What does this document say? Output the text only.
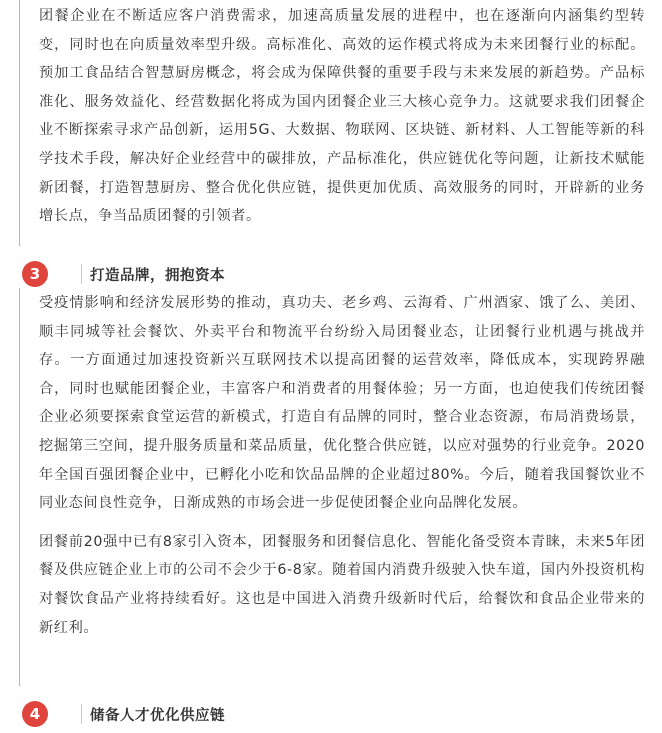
团餐企业在不断适应客户消费需求，加速高质量发展的进程中，也在逐渐向内涵集约型转变，同时也在向质量效率型升级。高标准化、高效的运作模式将成为未来团餐行业的标配。预加工食品结合智慧厨房概念，将会成为保障供餐的重要手段与未来发展的新趋势。产品标准化、服务效益化、经营数据化将成为国内团餐企业三大核心竞争力。这就要求我们团餐企业不断探索寻求产品创新，运用5G、大数据、物联网、区块链、新材料、人工智能等新的科学技术手段，解决好企业经营中的碳排放，产品标准化，供应链优化等问题，让新技术赋能新团餐，打造智慧厨房、整合优化供应链，提供更加优质、高效服务的同时，开辟新的业务增长点，争当品质团餐的引领者。

3	打造品牌，拥抱资本

受疫情影响和经济发展形势的推动，真功夫、老乡鸡、云海肴、广州酒家、饿了么、美团、顺丰同城等社会餐饮、外卖平台和物流平台纷纷入局团餐业态，让团餐行业机遇与挑战并存。一方面通过加速投资新兴互联网技术以提高团餐的运营效率，降低成本，实现跨界融合，同时也赋能团餐企业，丰富客户和消费者的用餐体验；另一方面，也迫使我们传统团餐企业必须要探索食堂运营的新模式，打造自有品牌的同时，整合业态资源，布局消费场景，挖掘第三空间，提升服务质量和菜品质量，优化整合供应链，以应对强势的行业竞争。2020年全国百强团餐企业中，已孵化小吃和饮品品牌的企业超过80%。今后，随着我国餐饮业不同业态间良性竞争，日渐成熟的市场会进一步促使团餐企业向品牌化发展。

团餐前20强中已有8家引入资本，团餐服务和团餐信息化、智能化备受资本青睐，未来5年团餐及供应链企业上市的公司不会少于6-8家。随着国内消费升级驶入快车道，国内外投资机构对餐饮食品产业将持续看好。这也是中国进入消费升级新时代后，给餐饮和食品企业带来的新红利。

4	储备人才优化供应链
